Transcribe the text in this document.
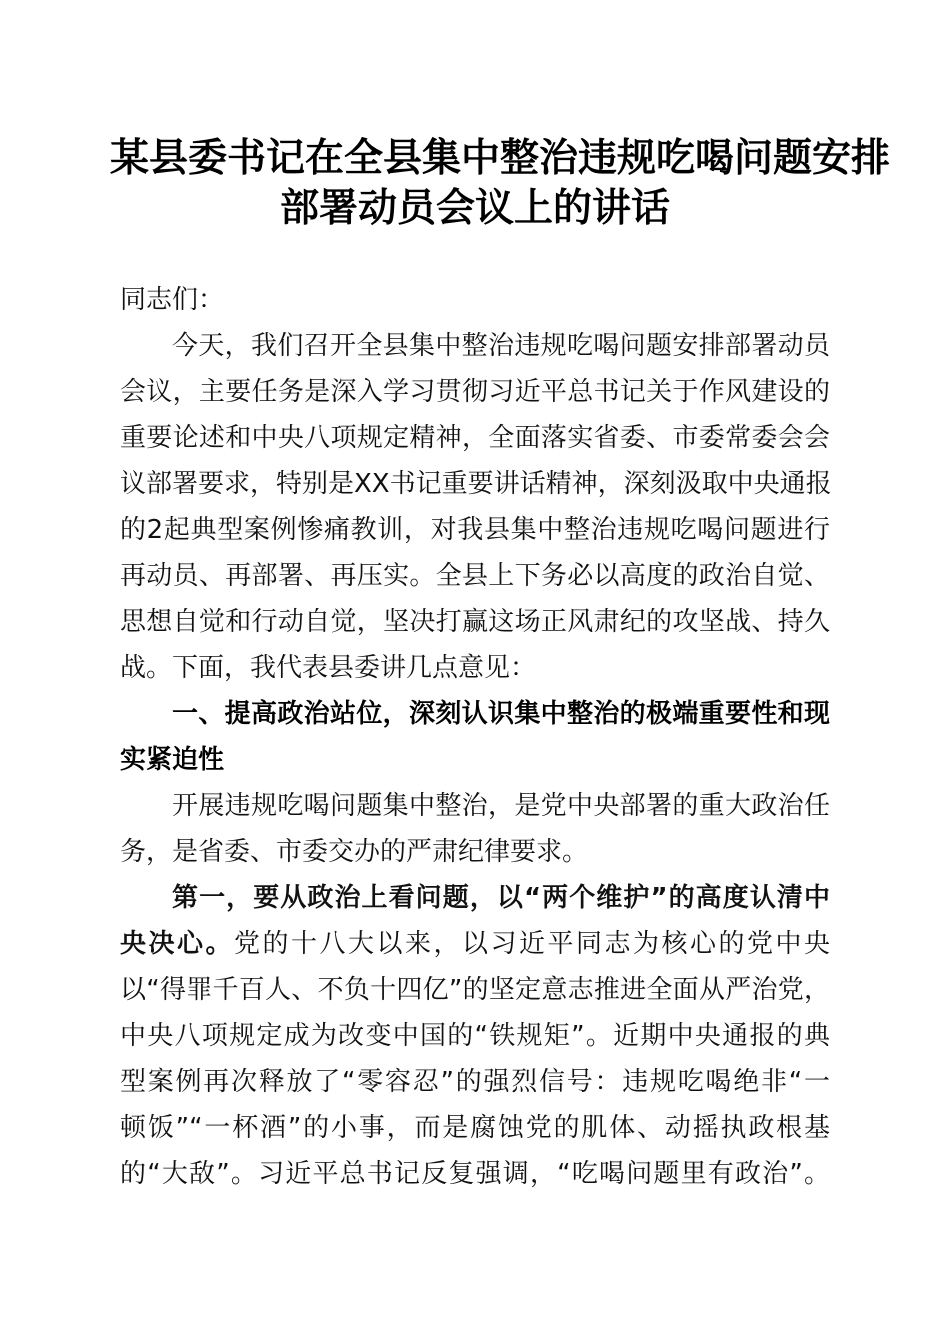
某县委书记在全县集中整治违规吃喝问题安排
部署动员会议上的讲话
同志们：
今天，我们召开全县集中整治违规吃喝问题安排部署动员
会议，主要任务是深入学习贯彻习近平总书记关于作风建设的
重要论述和中央八项规定精神，全面落实省委、市委常委会会
议部署要求，特别是XX书记重要讲话精神，深刻汲取中央通报
的2起典型案例惨痛教训，对我县集中整治违规吃喝问题进行
再动员、再部署、再压实。全县上下务必以高度的政治自觉、
思想自觉和行动自觉，坚决打赢这场正风肃纪的攻坚战、持久
战。下面，我代表县委讲几点意见：
一、提高政治站位，深刻认识集中整治的极端重要性和现
实紧迫性
开展违规吃喝问题集中整治，是党中央部署的重大政治任
务，是省委、市委交办的严肃纪律要求。
第一，要从政治上看问题，以“两个维护”的高度认清中
央决心。党的十八大以来，以习近平同志为核心的党中央
以“得罪千百人、不负十四亿”的坚定意志推进全面从严治党，
中央八项规定成为改变中国的“铁规矩”。近期中央通报的典
型案例再次释放了“零容忍”的强烈信号：违规吃喝绝非“一
顿饭”“一杯酒”的小事，而是腐蚀党的肌体、动摇执政根基
的“大敌”。习近平总书记反复强调，“吃喝问题里有政治”。
